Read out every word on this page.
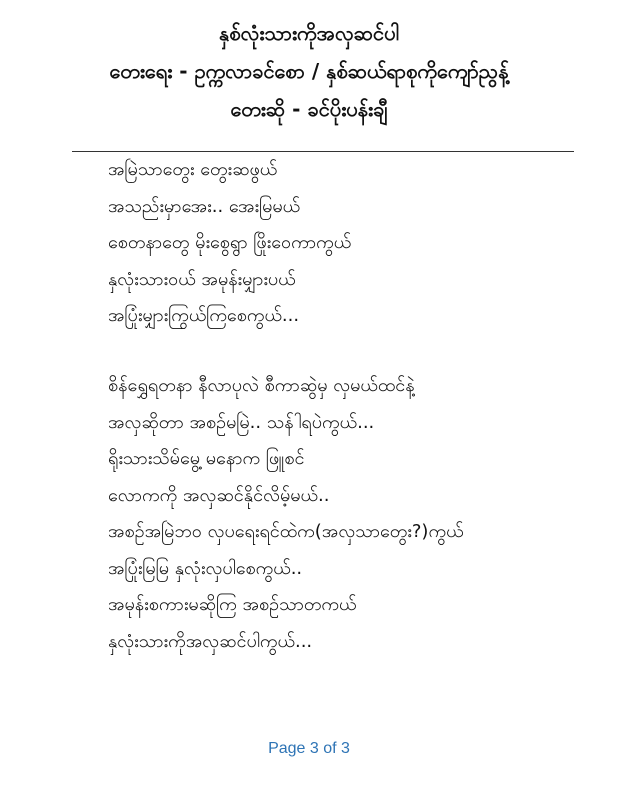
နှစ်လုံးသားကိုအလှဆင်ပါ
တေးရေး - ဥက္ကလာခင်စော / နှစ်ဆယ်ရာစုကိုကျော်ညွန့်
တေးဆို - ခင်ပိုးပန်းချီ
အမြဲသာတွေး တွေးဆဖွယ်
အသည်းမှာအေး.. အေးမြမယ်
စေတနာတွေ မိုးစွေရွာ ဖြိုးဝေကာကွယ်
နှလုံးသားဝယ် အမုန်းမျှားပယ်
အပြုံးမျှားကြွယ်ကြစေကွယ်...
စိန်ရွှေရတနာ နီလာပုလဲ စီကာဆွဲမှ လှမယ်ထင်နဲ့
အလှဆိုတာ အစဉ်မမြဲ.. သန်ါရပဲကွယ်...
ရိုးသားသိမ်မွေ့ မနောက ဖြူစင်
လောကကို အလှဆင်နိုင်လိမ့်မယ်..
အစဉ်အမြဲဘဝ လှပရေးရင်ထဲက(အလှသာတွေး?)ကွယ်
အပြုံးမြမြ နှလုံးလှပါစေကွယ်..
အမုန်းစကားမဆိုကြ အစဉ်သာတကယ်
နှလုံးသားကိုအလှဆင်ပါကွယ်...
Page 3 of 3
